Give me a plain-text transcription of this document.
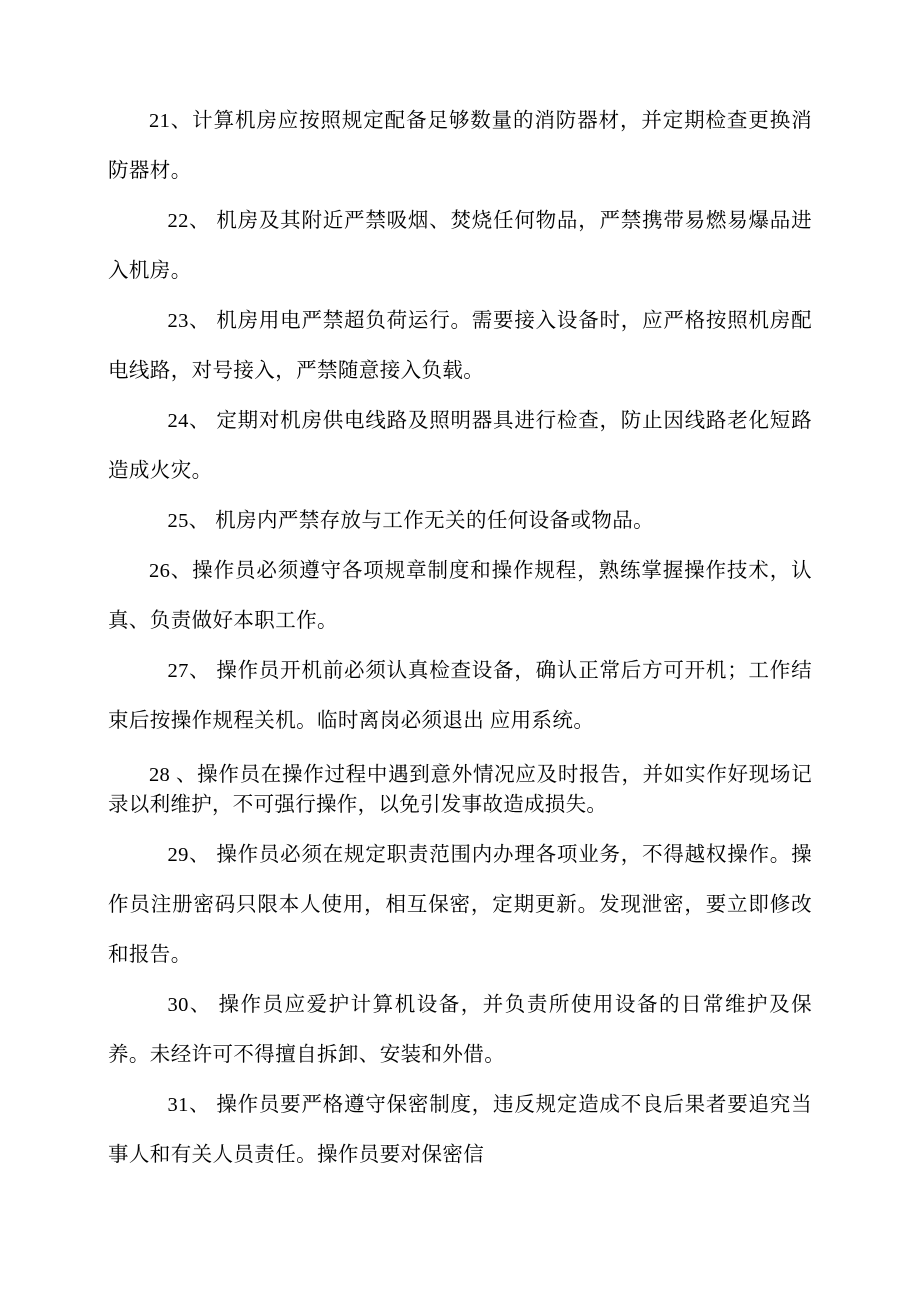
21、计算机房应按照规定配备足够数量的消防器材，并定期检查更换消防器材。

22、 机房及其附近严禁吸烟、焚烧任何物品，严禁携带易燃易爆品进入机房。

23、 机房用电严禁超负荷运行。需要接入设备时，应严格按照机房配电线路，对号接入，严禁随意接入负载。

24、 定期对机房供电线路及照明器具进行检查，防止因线路老化短路造成火灾。

25、 机房内严禁存放与工作无关的任何设备或物品。

26、操作员必须遵守各项规章制度和操作规程，熟练掌握操作技术，认真、负责做好本职工作。

27、 操作员开机前必须认真检查设备，确认正常后方可开机；工作结束后按操作规程关机。临时离岗必须退出 应用系统。

28 、操作员在操作过程中遇到意外情况应及时报告，并如实作好现场记录以利维护，不可强行操作，以免引发事故造成损失。

29、 操作员必须在规定职责范围内办理各项业务，不得越权操作。操作员注册密码只限本人使用，相互保密，定期更新。发现泄密，要立即修改和报告。

30、 操作员应爱护计算机设备，并负责所使用设备的日常维护及保养。未经许可不得擅自拆卸、安装和外借。

31、 操作员要严格遵守保密制度，违反规定造成不良后果者要追究当事人和有关人员责任。操作员要对保密信
